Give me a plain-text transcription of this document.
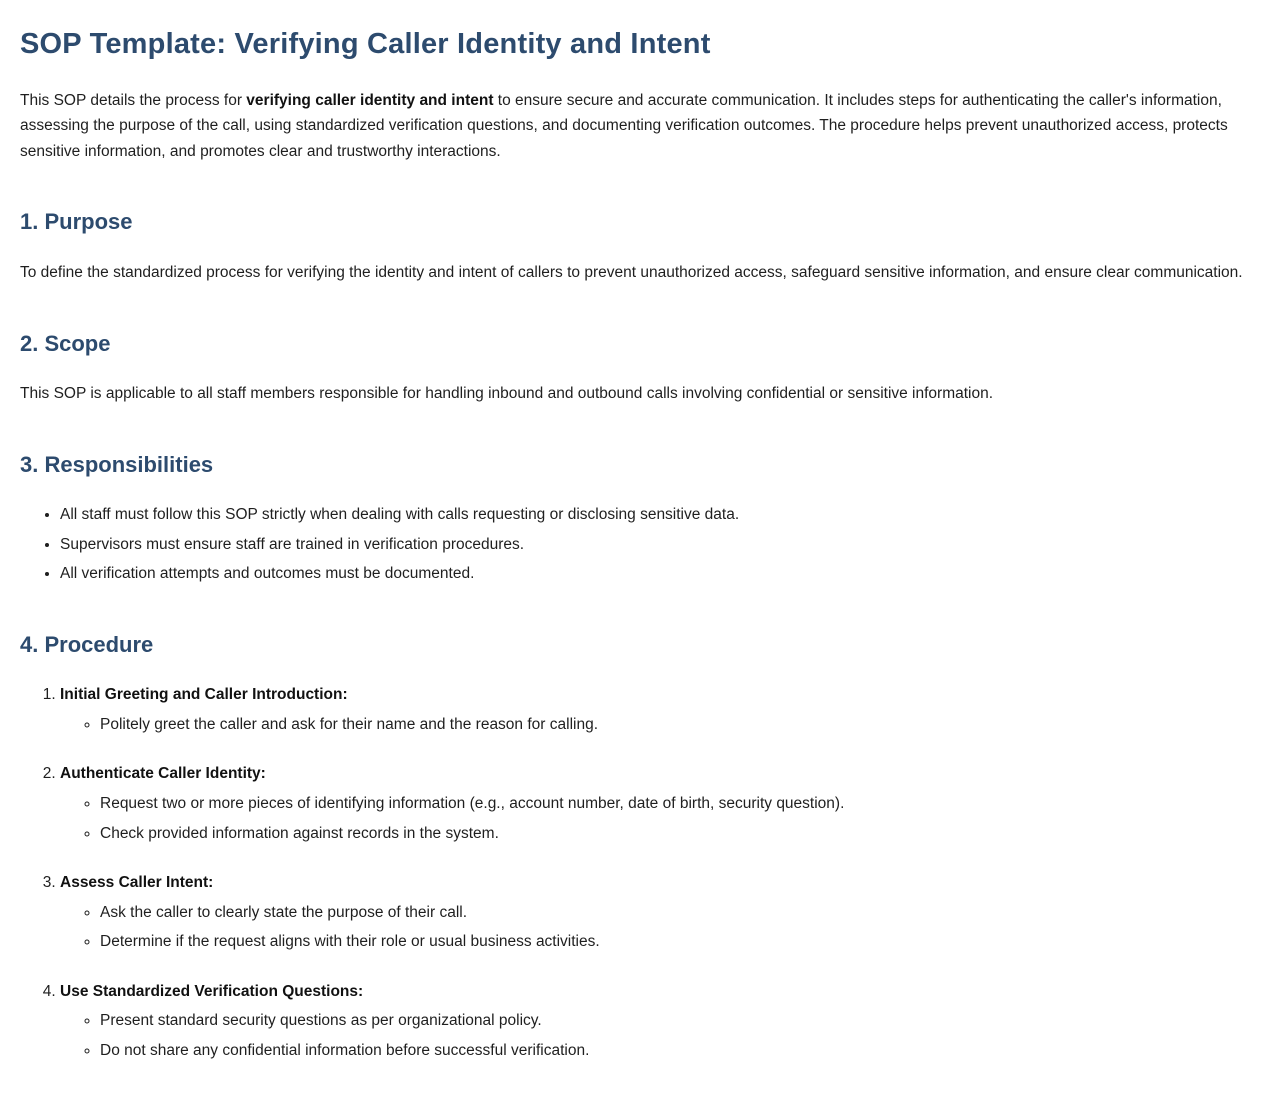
SOP Template: Verifying Caller Identity and Intent

This SOP details the process for verifying caller identity and intent to ensure secure and accurate communication. It includes steps for authenticating the caller's information, assessing the purpose of the call, using standardized verification questions, and documenting verification outcomes. The procedure helps prevent unauthorized access, protects sensitive information, and promotes clear and trustworthy interactions.

1. Purpose

To define the standardized process for verifying the identity and intent of callers to prevent unauthorized access, safeguard sensitive information, and ensure clear communication.

2. Scope

This SOP is applicable to all staff members responsible for handling inbound and outbound calls involving confidential or sensitive information.

3. Responsibilities
• All staff must follow this SOP strictly when dealing with calls requesting or disclosing sensitive data.
• Supervisors must ensure staff are trained in verification procedures.
• All verification attempts and outcomes must be documented.
4. Procedure
1. Initial Greeting and Caller Introduction:
◦ Politely greet the caller and ask for their name and the reason for calling.
2. Authenticate Caller Identity:
◦ Request two or more pieces of identifying information (e.g., account number, date of birth, security question).
◦ Check provided information against records in the system.
3. Assess Caller Intent:
◦ Ask the caller to clearly state the purpose of their call.
◦ Determine if the request aligns with their role or usual business activities.
4. Use Standardized Verification Questions:
◦ Present standard security questions as per organizational policy.
◦ Do not share any confidential information before successful verification.
